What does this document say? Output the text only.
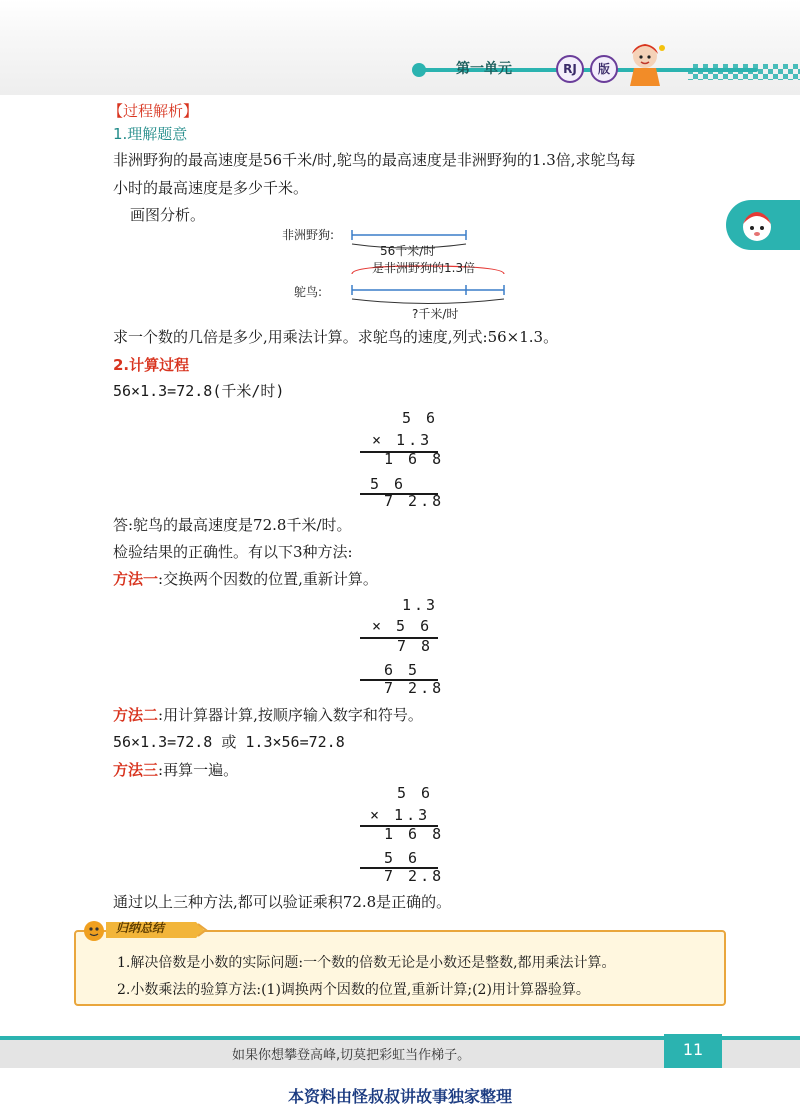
第一单元	RJ	版
【过程解析】
1.理解题意
非洲野狗的最高速度是56千米/时,鸵鸟的最高速度是非洲野狗的1.3倍,求鸵鸟每
小时的最高速度是多少千米。
画图分析。
非洲野狗:
56千米/时
是非洲野狗的1.3倍
鸵鸟:
?千米/时
求一个数的几倍是多少,用乘法计算。求鸵鸟的速度,列式:56×1.3。
2.计算过程
56×1.3=72.8(千米/时)
5 6
× 1.3
1 6 8
5 6
7 2.8
答:鸵鸟的最高速度是72.8千米/时。
检验结果的正确性。有以下3种方法:
方法一:交换两个因数的位置,重新计算。
1.3
× 5 6
7 8
6 5
7 2.8
方法二:用计算器计算,按顺序输入数字和符号。
56×1.3=72.8 或 1.3×56=72.8
方法三:再算一遍。
5 6
× 1.3
1 6 8
5 6
7 2.8
通过以上三种方法,都可以验证乘积72.8是正确的。
归纳总结
1.解决倍数是小数的实际问题:一个数的倍数无论是小数还是整数,都用乘法计算。
2.小数乘法的验算方法:(1)调换两个因数的位置,重新计算;(2)用计算器验算。
如果你想攀登高峰,切莫把彩虹当作梯子。	11
本资料由怪叔叔讲故事独家整理
